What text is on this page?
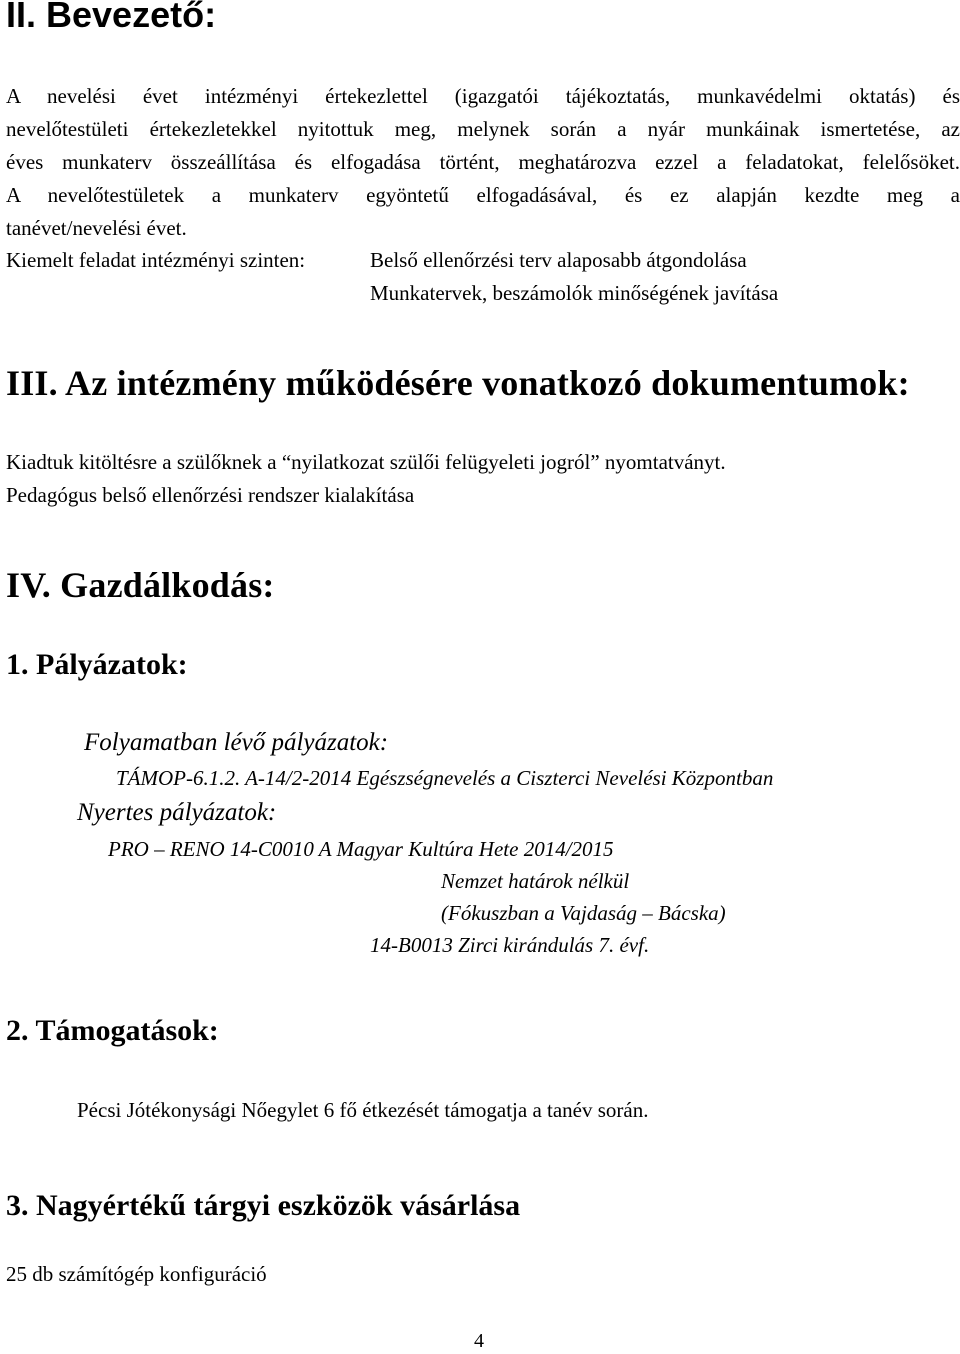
II. Bevezető:
A nevelési évet intézményi értekezlettel (igazgatói tájékoztatás, munkavédelmi oktatás) és
nevelőtestületi értekezletekkel nyitottuk meg, melynek során a nyár munkáinak ismertetése, az
éves munkaterv összeállítása és elfogadása történt, meghatározva ezzel a feladatokat, felelősöket.
A nevelőtestületek a munkaterv egyöntetű elfogadásával, és ez alapján kezdte meg a
tanévet/nevelési évet.
Kiemelt feladat intézményi szinten:	Belső ellenőrzési terv alaposabb átgondolása
Munkatervek, beszámolók minőségének javítása
III. Az intézmény működésére vonatkozó dokumentumok:
Kiadtuk kitöltésre a szülőknek a “nyilatkozat szülői felügyeleti jogról” nyomtatványt.
Pedagógus belső ellenőrzési rendszer kialakítása
IV. Gazdálkodás:
1. Pályázatok:
Folyamatban lévő pályázatok:
TÁMOP-6.1.2. A-14/2-2014 Egészségnevelés a Ciszterci Nevelési Központban
Nyertes pályázatok:
PRO – RENO 14-C0010 A Magyar Kultúra Hete 2014/2015
Nemzet határok nélkül
(Fókuszban a Vajdaság – Bácska)
14-B0013 Zirci kirándulás 7. évf.
2. Támogatások:
Pécsi Jótékonysági Nőegylet 6 fő étkezését támogatja a tanév során.
3. Nagyértékű tárgyi eszközök vásárlása
25 db számítógép konfiguráció
4
